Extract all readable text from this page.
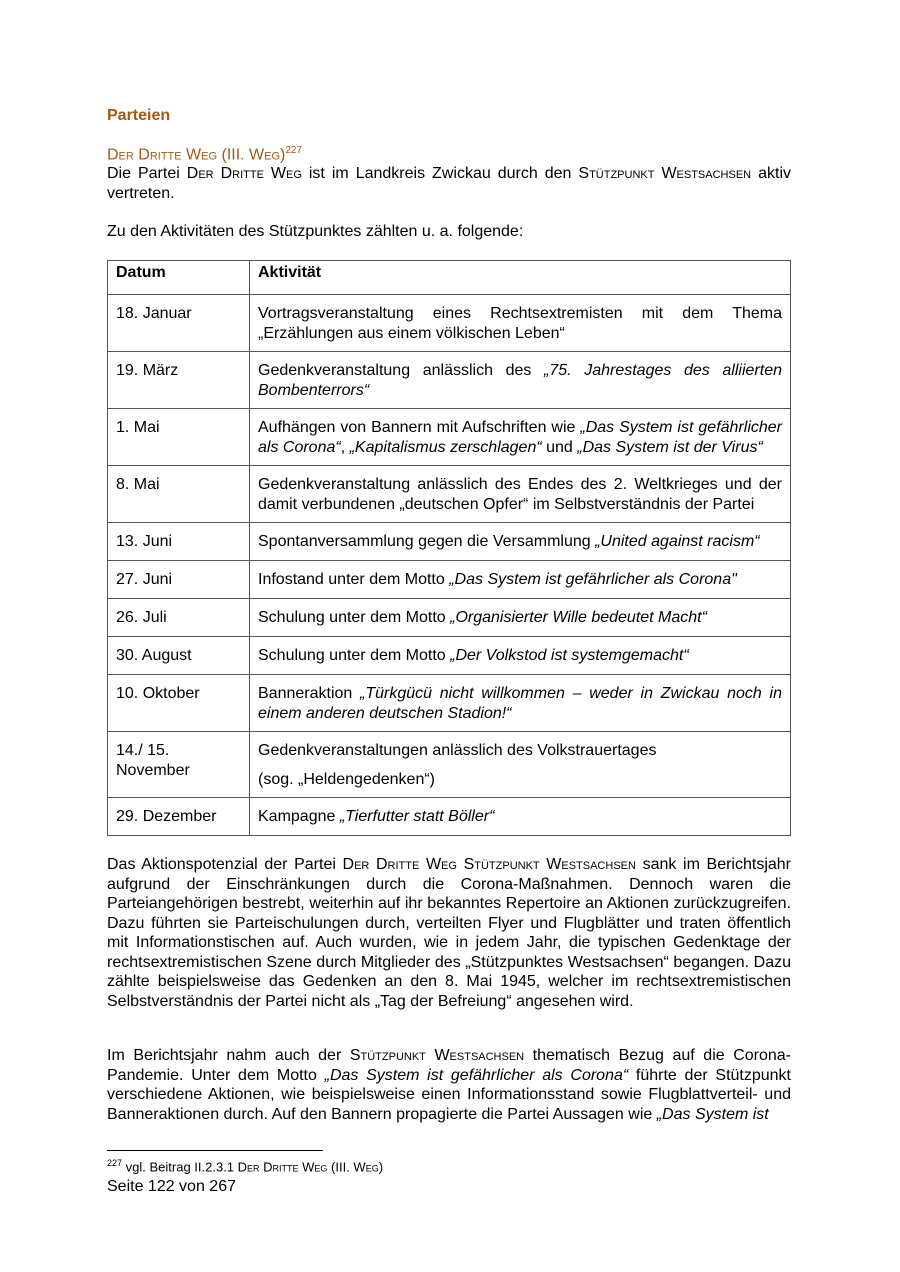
Parteien

Der Dritte Weg (III. Weg)$^{227}$

Die Partei Der Dritte Weg ist im Landkreis Zwickau durch den Stützpunkt Westsachsen aktiv vertreten.

Zu den Aktivitäten des Stützpunktes zählten u. a. folgende:

Datum	Aktivität

18. Januar	Vortragsveranstaltung eines Rechtsextremisten mit dem Thema „Erzählungen aus einem völkischen Leben“

19. März	Gedenkveranstaltung anlässlich des „75. Jahrestages des alliierten Bombenterrors“

1. Mai	Aufhängen von Bannern mit Aufschriften wie „Das System ist gefährlicher als Corona“, „Kapitalismus zerschlagen“ und „Das System ist der Virus“

8. Mai	Gedenkveranstaltung anlässlich des Endes des 2. Weltkrieges und der damit verbundenen „deutschen Opfer“ im Selbstverständnis der Partei

13. Juni	Spontanversammlung gegen die Versammlung „United against racism“

27. Juni	Infostand unter dem Motto „Das System ist gefährlicher als Corona"

26. Juli	Schulung unter dem Motto „Organisierter Wille bedeutet Macht“

30. August	Schulung unter dem Motto „Der Volkstod ist systemgemacht“

10. Oktober	Banneraktion „Türkgücü nicht willkommen – weder in Zwickau noch in einem anderen deutschen Stadion!“

14./ 15. November	Gedenkveranstaltungen anlässlich des Volkstrauertages
(sog. „Heldengedenken“)

29. Dezember	Kampagne „Tierfutter statt Böller“

Das Aktionspotenzial der Partei Der Dritte Weg Stützpunkt Westsachsen sank im Berichtsjahr aufgrund der Einschränkungen durch die Corona-Maßnahmen. Dennoch waren die Parteiangehörigen bestrebt, weiterhin auf ihr bekanntes Repertoire an Aktionen zurückzugreifen. Dazu führten sie Parteischulungen durch, verteilten Flyer und Flugblätter und traten öffentlich mit Informationstischen auf. Auch wurden, wie in jedem Jahr, die typischen Gedenktage der rechtsextremistischen Szene durch Mitglieder des „Stützpunktes Westsachsen“ begangen. Dazu zählte beispielsweise das Gedenken an den 8. Mai 1945, welcher im rechtsextremistischen Selbstverständnis der Partei nicht als „Tag der Befreiung“ angesehen wird.

Im Berichtsjahr nahm auch der Stützpunkt Westsachsen thematisch Bezug auf die Corona-Pandemie. Unter dem Motto „Das System ist gefährlicher als Corona“ führte der Stützpunkt verschiedene Aktionen, wie beispielsweise einen Informationsstand sowie Flugblattverteil- und Banneraktionen durch. Auf den Bannern propagierte die Partei Aussagen wie „Das System ist

$^{227}$ vgl. Beitrag II.2.3.1 Der Dritte Weg (III. Weg)

Seite 122 von 267
